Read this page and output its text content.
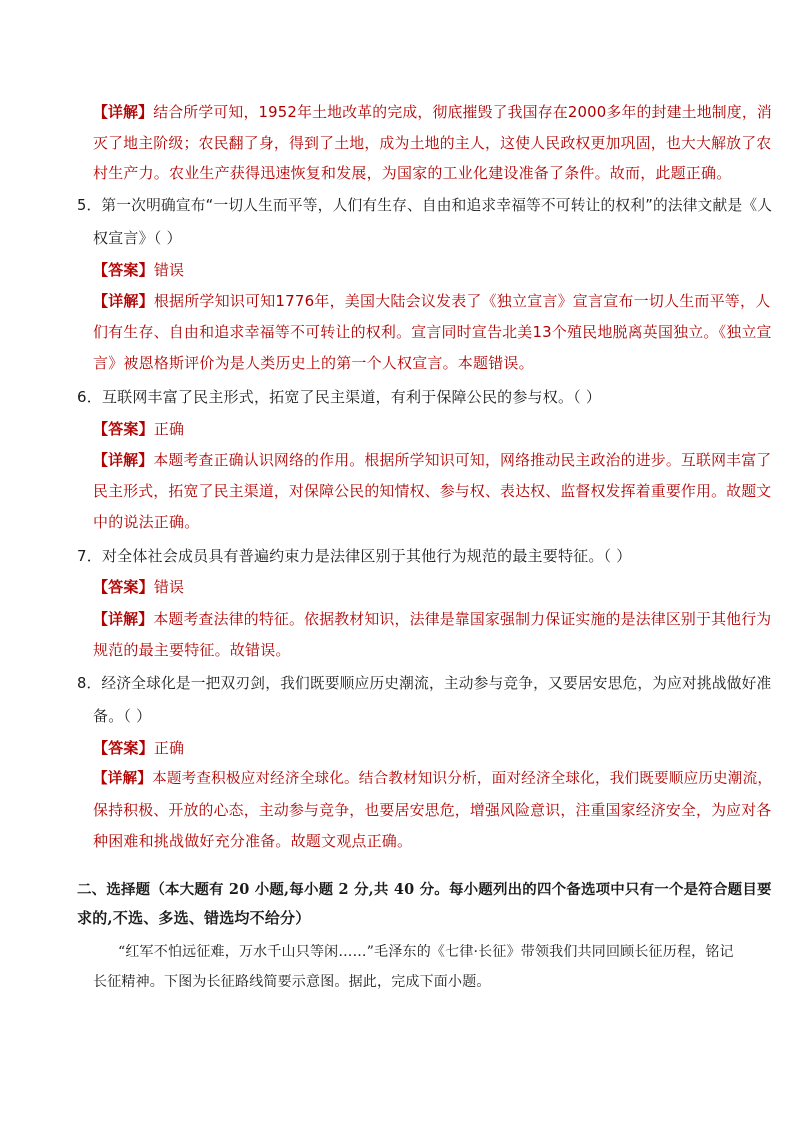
【详解】结合所学可知，1952年土地改革的完成，彻底摧毁了我国存在2000多年的封建土地制度，消
灭了地主阶级；农民翻了身，得到了土地，成为土地的主人，这使人民政权更加巩固，也大大解放了农
村生产力。农业生产获得迅速恢复和发展，为国家的工业化建设准备了条件。故而，此题正确。
5．第一次明确宣布“一切人生而平等，人们有生存、自由和追求幸福等不可转让的权利”的法律文献是《人
权宣言》（ ）
【答案】错误
【详解】根据所学知识可知1776年，美国大陆会议发表了《独立宣言》宣言宣布一切人生而平等，人
们有生存、自由和追求幸福等不可转让的权利。宣言同时宣告北美13个殖民地脱离英国独立。《独立宣
言》被恩格斯评价为是人类历史上的第一个人权宣言。本题错误。
6．互联网丰富了民主形式，拓宽了民主渠道，有利于保障公民的参与权。（ ）
【答案】正确
【详解】本题考查正确认识网络的作用。根据所学知识可知，网络推动民主政治的进步。互联网丰富了
民主形式，拓宽了民主渠道，对保障公民的知情权、参与权、表达权、监督权发挥着重要作用。故题文
中的说法正确。
7．对全体社会成员具有普遍约束力是法律区别于其他行为规范的最主要特征。（ ）
【答案】错误
【详解】本题考查法律的特征。依据教材知识，法律是靠国家强制力保证实施的是法律区别于其他行为
规范的最主要特征。故错误。
8．经济全球化是一把双刃剑，我们既要顺应历史潮流，主动参与竞争，又要居安思危，为应对挑战做好准
备。（ ）
【答案】正确
【详解】本题考查积极应对经济全球化。结合教材知识分析，面对经济全球化，我们既要顺应历史潮流，
保持积极、开放的心态，主动参与竞争，也要居安思危，增强风险意识，注重国家经济安全，为应对各
种困难和挑战做好充分准备。故题文观点正确。
二、选择题（本大题有 20 小题,每小题 2 分,共 40 分。每小题列出的四个备选项中只有一个是符合题目要
求的,不选、多选、错选均不给分）
“红军不怕远征难，万水千山只等闲……”毛泽东的《七律·长征》带领我们共同回顾长征历程，铭记
长征精神。下图为长征路线简要示意图。据此，完成下面小题。
